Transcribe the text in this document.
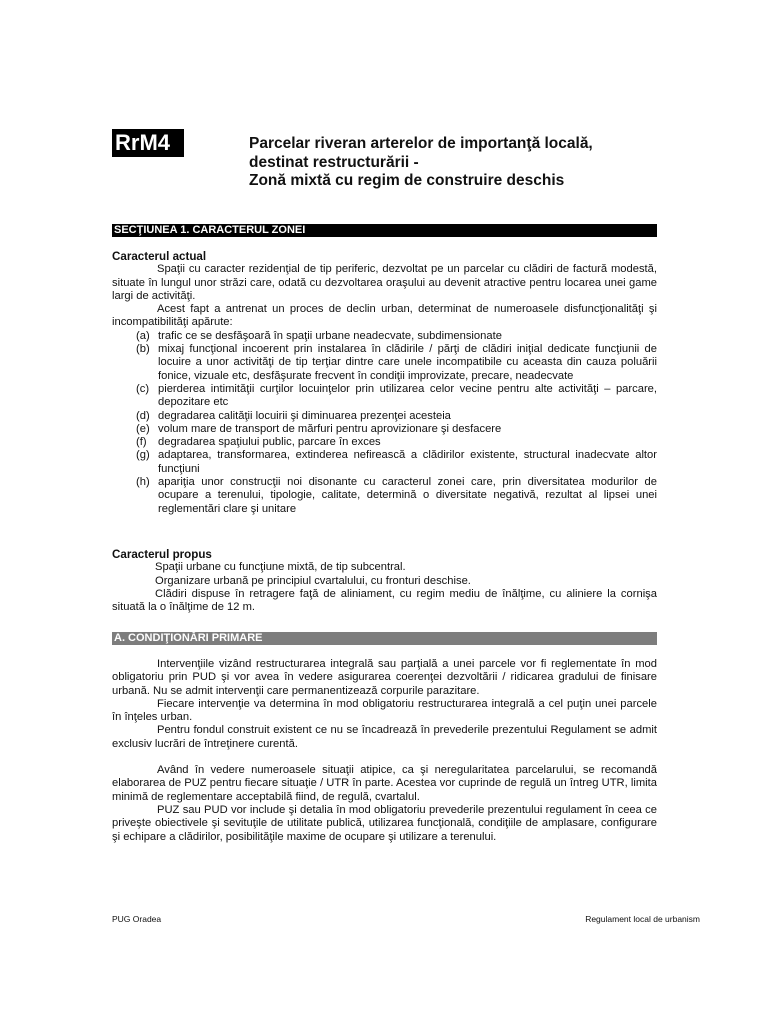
RrM4	Parcelar riveran arterelor de importanţă locală,
destinat restructurării -
Zonă mixtă cu regim de construire deschis
SECŢIUNEA 1. CARACTERUL ZONEI
Caracterul actual
Spaţii cu caracter rezidenţial de tip periferic, dezvoltat pe un parcelar cu clădiri de factură modestă, situate în lungul unor străzi care, odată cu dezvoltarea oraşului au devenit atractive pentru locarea unei game largi de activităţi.
Acest fapt a antrenat un proces de declin urban, determinat de numeroasele disfuncţionalităţi şi incompatibilităţi apărute:
(a) trafic ce se desfăşoară în spaţii urbane neadecvate, subdimensionate
(b) mixaj funcţional incoerent prin instalarea în clădirile / părţi de clădiri iniţial dedicate funcţiunii de locuire a unor activităţi de tip terţiar dintre care unele incompatibile cu aceasta din cauza poluării fonice, vizuale etc, desfăşurate frecvent în condiţii improvizate, precare, neadecvate
(c) pierderea intimităţii curţilor locuinţelor prin utilizarea celor vecine pentru alte activităţi – parcare, depozitare etc
(d) degradarea calităţii locuirii şi diminuarea prezenţei acesteia
(e) volum mare de transport de mărfuri pentru aprovizionare şi desfacere
(f) degradarea spaţiului public, parcare în exces
(g) adaptarea, transformarea, extinderea nefirească a clădirilor existente, structural inadecvate altor funcţiuni
(h) apariţia unor construcţii noi disonante cu caracterul zonei care, prin diversitatea modurilor de ocupare a terenului, tipologie, calitate, determină o diversitate negativă, rezultat al lipsei unei reglementări clare şi unitare
Caracterul propus
Spaţii urbane cu funcţiune mixtă, de tip subcentral.
Organizare urbană pe principiul cvartalului, cu fronturi deschise.
Clădiri dispuse în retragere faţă de aliniament, cu regim mediu de înălţime, cu aliniere la cornişa situată la o înălţime de 12 m.
A. CONDIŢIONĂRI PRIMARE
Intervenţiile vizând restructurarea integrală sau parţială a unei parcele vor fi reglementate în mod obligatoriu prin PUD şi vor avea în vedere asigurarea coerenţei dezvoltării / ridicarea gradului de finisare urbană. Nu se admit intervenţii care permanentizează corpurile parazitare.
Fiecare intervenţie va determina în mod obligatoriu restructurarea integrală a cel puţin unei parcele în înţeles urban.
Pentru fondul construit existent ce nu se încadrează în prevederile prezentului Regulament se admit exclusiv lucrări de întreţinere curentă.
Având în vedere numeroasele situaţii atipice, ca şi neregularitatea parcelarului, se recomandă elaborarea de PUZ pentru fiecare situaţie / UTR în parte. Acestea vor cuprinde de regulă un întreg UTR, limita minimă de reglementare acceptabilă fiind, de regulă, cvartalul.
PUZ sau PUD vor include şi detalia în mod obligatoriu prevederile prezentului regulament în ceea ce priveşte obiectivele şi sevituţile de utilitate publică, utilizarea funcţională, condiţiile de amplasare, configurare şi echipare a clădirilor, posibilităţile maxime de ocupare şi utilizare a terenului.
PUG Oradea	Regulament local de urbanism
